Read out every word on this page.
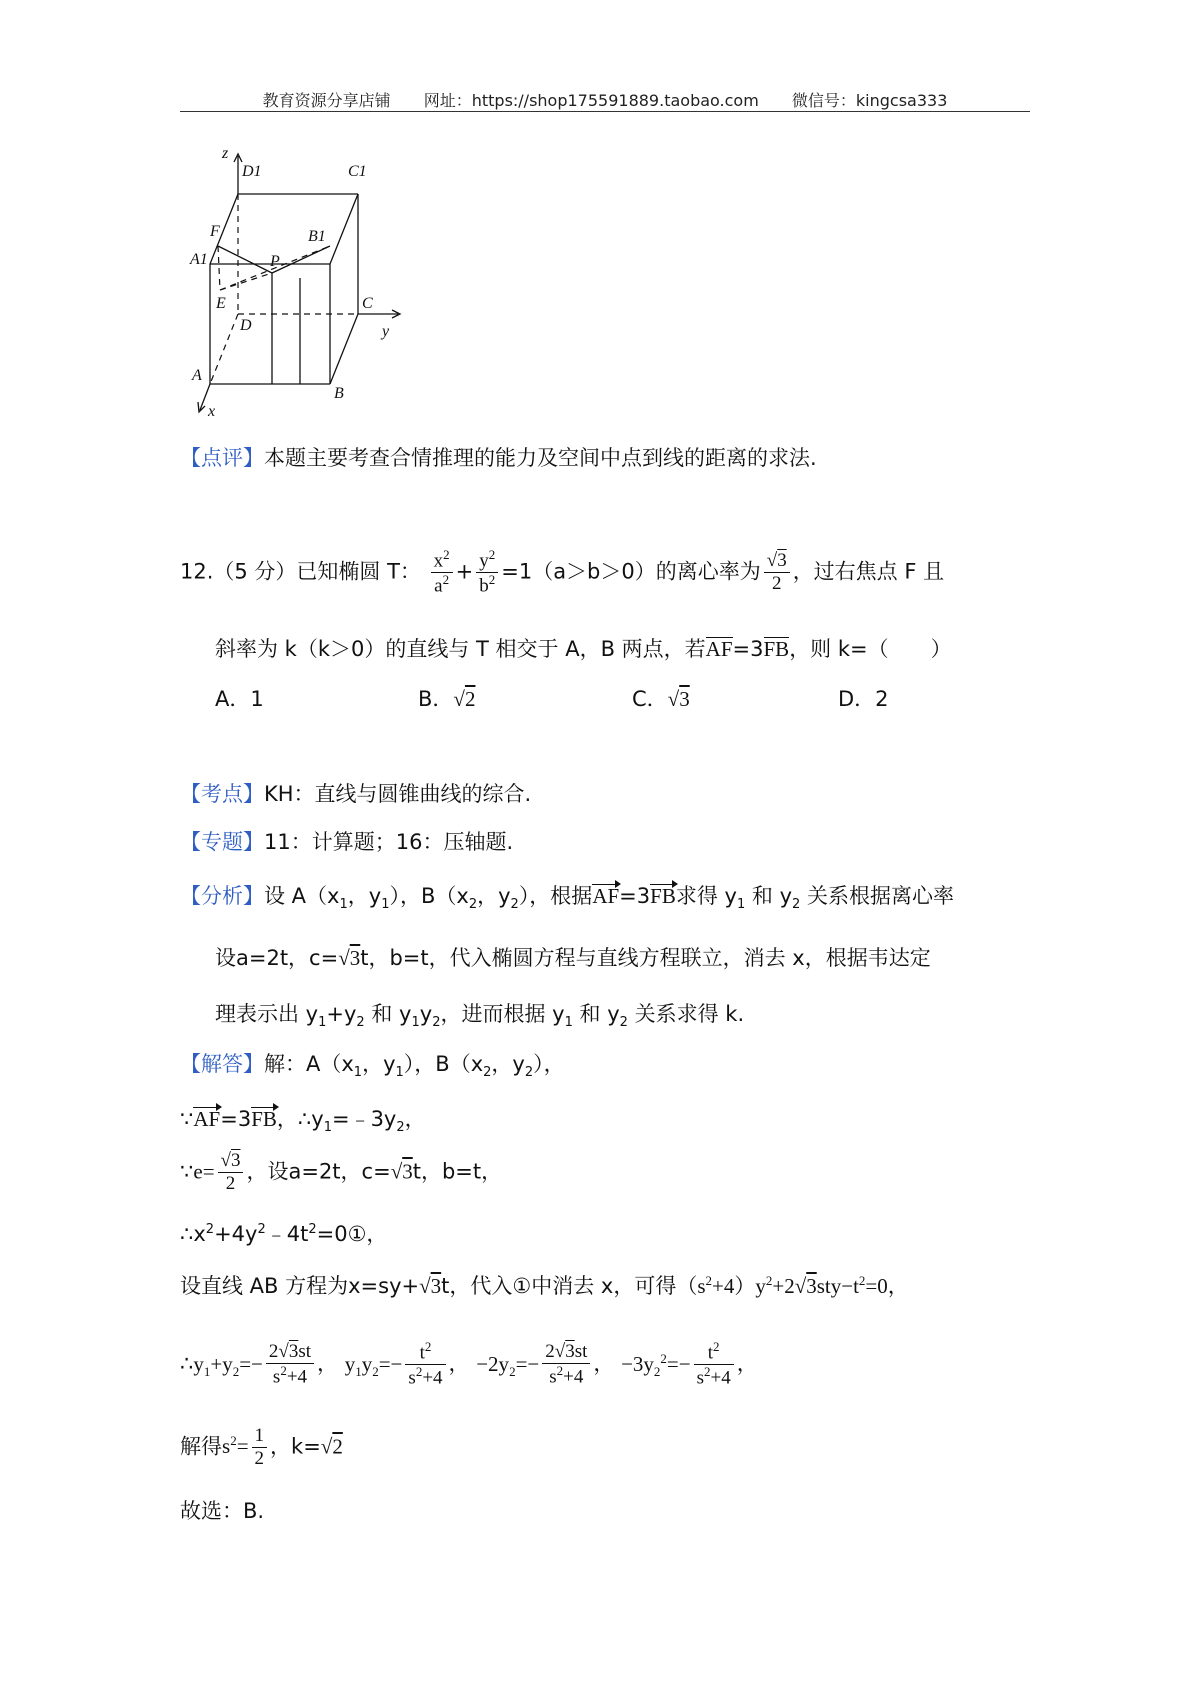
教育资源分享店铺 网址：https://shop175591889.taobao.com 微信号：kingcsa333
z
D1	C1
F
A1
B1
P
E
D
C
y
A
B
x
【点评】本题主要考查合情推理的能力及空间中点到线的距离的求法.
12.（5 分）已知椭圆 T： $\frac{x^2}{a^2} + \frac{y^2}{b^2} =1(a>b>0)$的离心率为 $\frac{√3}{2}$ ，过右焦点 F 且
斜率为 k（k＞0）的直线与 T 相交于 A，B 两点，若AF=3FB，则 k=（　　）
A．1	B．√2	C．√3	D．2
【考点】KH：直线与圆锥曲线的综合.
【专题】11：计算题；16：压轴题.
【分析】设 $A(x_1$，$y_1$），$B(x_2$，$y_2$），根据AF=3FB求得 $y_1$ 和 $y_2$ 关系根据离心率
设a=2t，c=√3t，b=t，代入椭圆方程与直线方程联立，消去 x，根据韦达定
理表示出 $y_1+y_2$ 和 $y_1y_2$，进而根据 $y_1$ 和 $y_2$ 关系求得 k.
【解答】解：$A(x_1$，$y_1$），$B(x_2$，$y_2$），
∵AF=3FB，$\therefore y_1=﹣3y_2$，
∵e= $\frac{√3}{2}$ ，设a=2t，c=√3t，b=t，
$\therefore x^2+4y^2﹣4t^2=0①$，
设直线 AB 方程为x=sy+√3t，代入①中消去 x，可得$(s^2+4)y^2+2√3sty-t^2=0$，
$\therefore y_1+y_2=- \frac{2√3st}{s^2+4}$ ， $y_1y_2=- \frac{t^2}{s^2+4}$ ， $-2y_2=- \frac{2√3st}{s^2+4}$ ， $-3y_2^2=- \frac{t^2}{s^2+4}$ ，
解得$s^2= \frac{1}{2}$ ，k=√2
故选：B.
